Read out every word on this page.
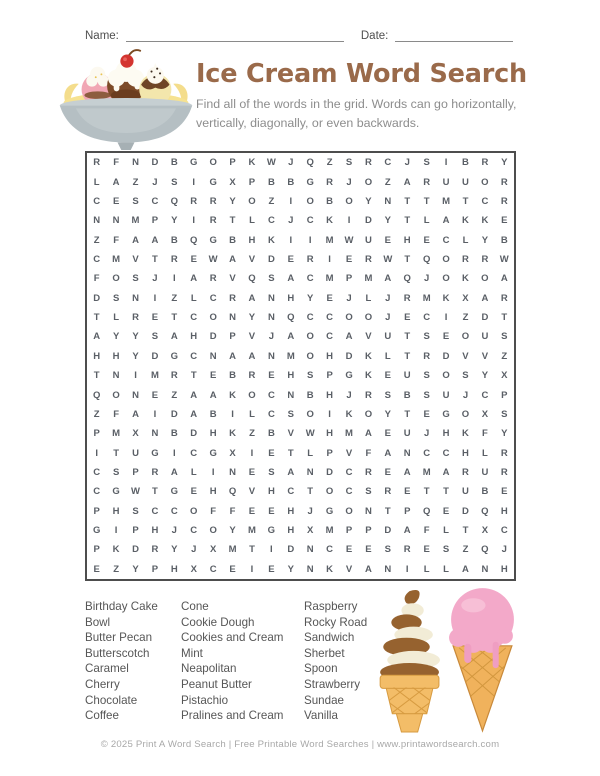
Name:	Date:
Ice Cream Word Search

Find all of the words in the grid. Words can go horizontally, vertically, diagonally, or even backwards.

R	F	N	D	B	G	O	P	K	W	J	Q	Z	S	R	C	J	S	I	B	R	Y
L	A	Z	J	S	I	G	X	P	B	B	G	R	J	O	Z	A	R	U	U	O	R
C	E	S	C	Q	R	R	Y	O	Z	I	O	B	O	Y	N	T	T	M	T	C	R
N	N	M	P	Y	I	R	T	L	C	J	C	K	I	D	Y	T	L	A	K	K	E
Z	F	A	A	B	Q	G	B	H	K	I	I	M	W	U	E	H	E	C	L	Y	B
C	M	V	T	R	E	W	A	V	D	E	R	I	E	R	W	T	Q	O	R	R	W
F	O	S	J	I	A	R	V	Q	S	A	C	M	P	M	A	Q	J	O	K	O	A
D	S	N	I	Z	L	C	R	A	N	H	Y	E	J	L	J	R	M	K	X	A	R
T	L	R	E	T	C	O	N	Y	N	Q	C	C	O	O	J	E	C	I	Z	D	T
A	Y	Y	S	A	H	D	P	V	J	A	O	C	A	V	U	T	S	E	O	U	S
H	H	Y	D	G	C	N	A	A	N	M	O	H	D	K	L	T	R	D	V	V	Z
T	N	I	M	R	T	E	B	R	E	H	S	P	G	K	E	U	S	O	S	Y	X
Q	O	N	E	Z	A	A	K	O	C	N	B	H	J	R	S	B	S	U	J	C	P
Z	F	A	I	D	A	B	I	L	C	S	O	I	K	O	Y	T	E	G	O	X	S
P	M	X	N	B	D	H	K	Z	B	V	W	H	M	A	E	U	J	H	K	F	Y
I	T	U	G	I	C	G	X	I	E	T	L	P	V	F	A	N	C	C	H	L	R
C	S	P	R	A	L	I	N	E	S	A	N	D	C	R	E	A	M	A	R	U	R
C	G	W	T	G	E	H	Q	V	H	C	T	O	C	S	R	E	T	T	U	B	E
P	H	S	C	C	O	F	F	E	E	H	J	G	O	N	T	P	Q	E	D	Q	H
G	I	P	H	J	C	O	Y	M	G	H	X	M	P	P	D	A	F	L	T	X	C
P	K	D	R	Y	J	X	M	T	I	D	N	C	E	E	S	R	E	S	Z	Q	J
E	Z	Y	P	H	X	C	E	I	E	Y	N	K	V	A	N	I	L	L	A	N	H
Birthday Cake
Bowl
Butter Pecan
Butterscotch
Caramel
Cherry
Chocolate
Coffee
Cone
Cookie Dough
Cookies and Cream
Mint
Neapolitan
Peanut Butter
Pistachio
Pralines and Cream
Raspberry
Rocky Road
Sandwich
Sherbet
Spoon
Strawberry
Sundae
Vanilla
© 2025 Print A Word Search | Free Printable Word Searches | www.printawordsearch.com
